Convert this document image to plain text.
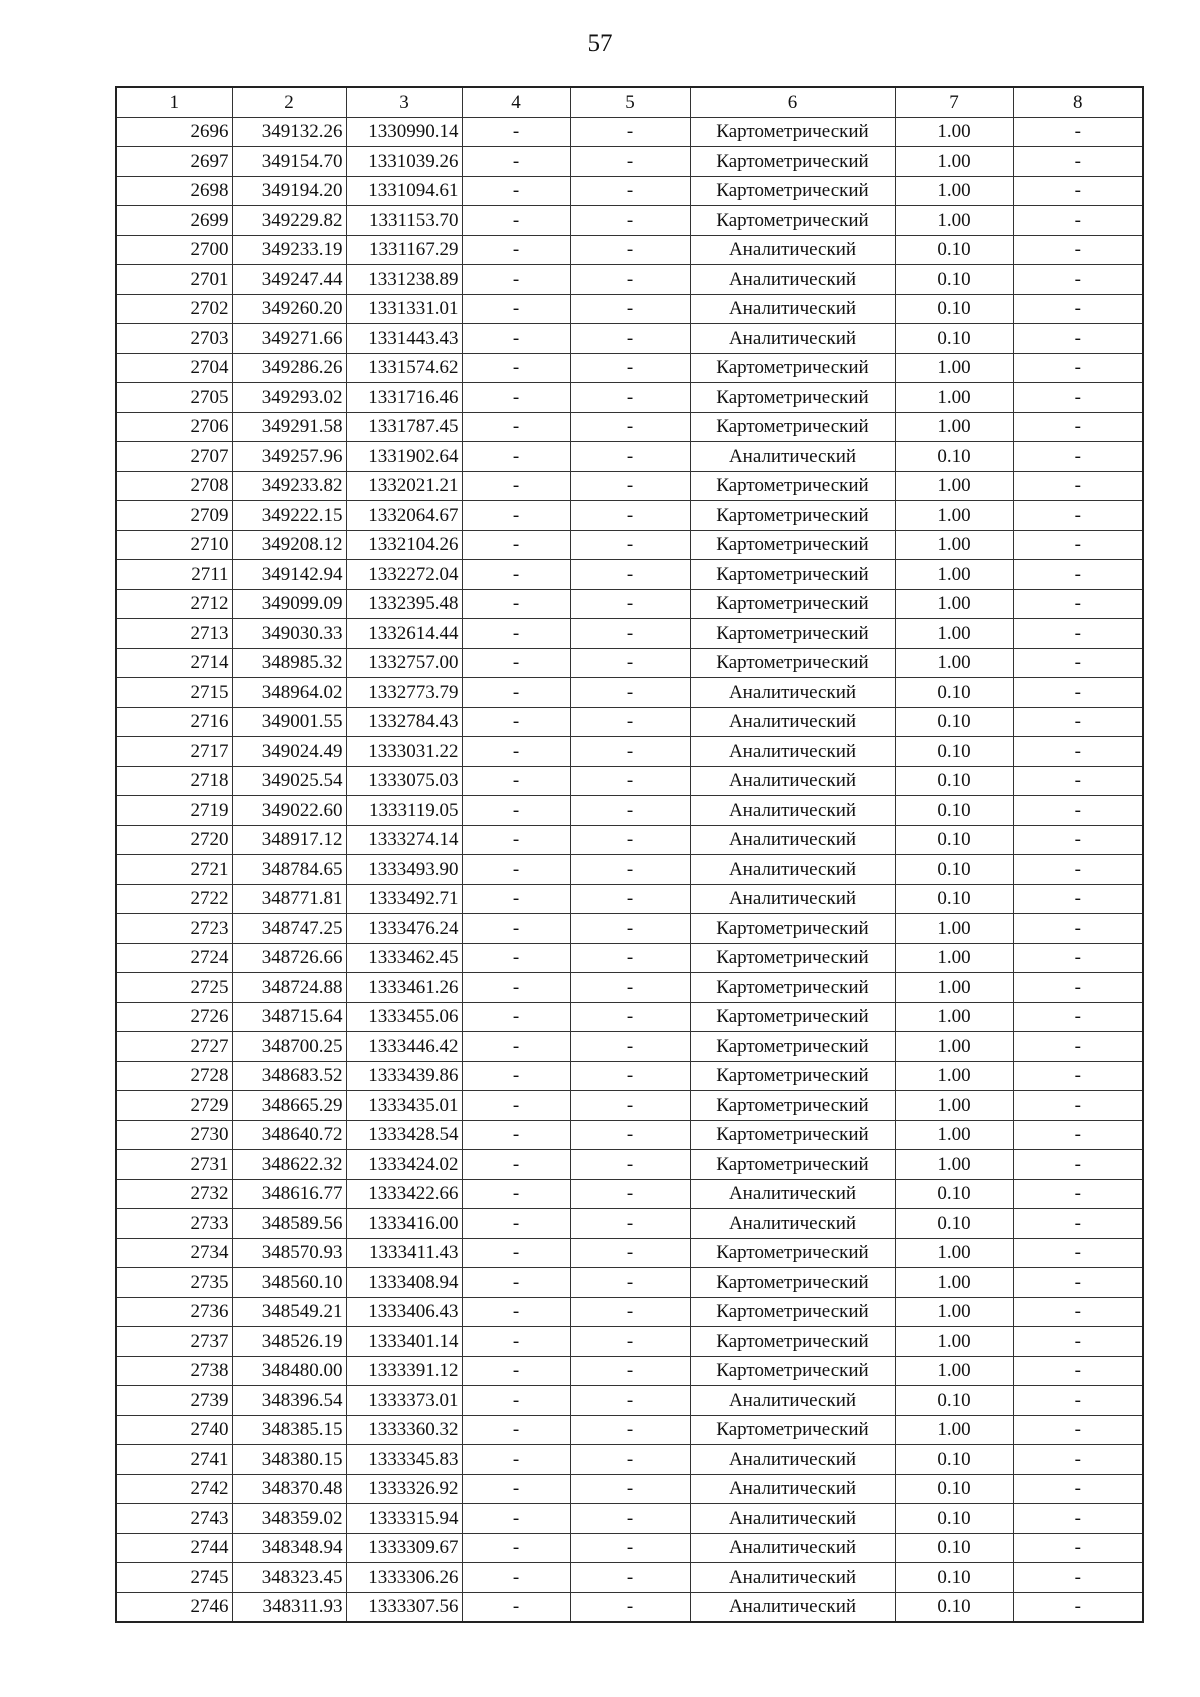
57
1	2	3	4	5	6	7	8
2696	349132.26	1330990.14	-	-	Картометрический	1.00	-
2697	349154.70	1331039.26	-	-	Картометрический	1.00	-
2698	349194.20	1331094.61	-	-	Картометрический	1.00	-
2699	349229.82	1331153.70	-	-	Картометрический	1.00	-
2700	349233.19	1331167.29	-	-	Аналитический	0.10	-
2701	349247.44	1331238.89	-	-	Аналитический	0.10	-
2702	349260.20	1331331.01	-	-	Аналитический	0.10	-
2703	349271.66	1331443.43	-	-	Аналитический	0.10	-
2704	349286.26	1331574.62	-	-	Картометрический	1.00	-
2705	349293.02	1331716.46	-	-	Картометрический	1.00	-
2706	349291.58	1331787.45	-	-	Картометрический	1.00	-
2707	349257.96	1331902.64	-	-	Аналитический	0.10	-
2708	349233.82	1332021.21	-	-	Картометрический	1.00	-
2709	349222.15	1332064.67	-	-	Картометрический	1.00	-
2710	349208.12	1332104.26	-	-	Картометрический	1.00	-
2711	349142.94	1332272.04	-	-	Картометрический	1.00	-
2712	349099.09	1332395.48	-	-	Картометрический	1.00	-
2713	349030.33	1332614.44	-	-	Картометрический	1.00	-
2714	348985.32	1332757.00	-	-	Картометрический	1.00	-
2715	348964.02	1332773.79	-	-	Аналитический	0.10	-
2716	349001.55	1332784.43	-	-	Аналитический	0.10	-
2717	349024.49	1333031.22	-	-	Аналитический	0.10	-
2718	349025.54	1333075.03	-	-	Аналитический	0.10	-
2719	349022.60	1333119.05	-	-	Аналитический	0.10	-
2720	348917.12	1333274.14	-	-	Аналитический	0.10	-
2721	348784.65	1333493.90	-	-	Аналитический	0.10	-
2722	348771.81	1333492.71	-	-	Аналитический	0.10	-
2723	348747.25	1333476.24	-	-	Картометрический	1.00	-
2724	348726.66	1333462.45	-	-	Картометрический	1.00	-
2725	348724.88	1333461.26	-	-	Картометрический	1.00	-
2726	348715.64	1333455.06	-	-	Картометрический	1.00	-
2727	348700.25	1333446.42	-	-	Картометрический	1.00	-
2728	348683.52	1333439.86	-	-	Картометрический	1.00	-
2729	348665.29	1333435.01	-	-	Картометрический	1.00	-
2730	348640.72	1333428.54	-	-	Картометрический	1.00	-
2731	348622.32	1333424.02	-	-	Картометрический	1.00	-
2732	348616.77	1333422.66	-	-	Аналитический	0.10	-
2733	348589.56	1333416.00	-	-	Аналитический	0.10	-
2734	348570.93	1333411.43	-	-	Картометрический	1.00	-
2735	348560.10	1333408.94	-	-	Картометрический	1.00	-
2736	348549.21	1333406.43	-	-	Картометрический	1.00	-
2737	348526.19	1333401.14	-	-	Картометрический	1.00	-
2738	348480.00	1333391.12	-	-	Картометрический	1.00	-
2739	348396.54	1333373.01	-	-	Аналитический	0.10	-
2740	348385.15	1333360.32	-	-	Картометрический	1.00	-
2741	348380.15	1333345.83	-	-	Аналитический	0.10	-
2742	348370.48	1333326.92	-	-	Аналитический	0.10	-
2743	348359.02	1333315.94	-	-	Аналитический	0.10	-
2744	348348.94	1333309.67	-	-	Аналитический	0.10	-
2745	348323.45	1333306.26	-	-	Аналитический	0.10	-
2746	348311.93	1333307.56	-	-	Аналитический	0.10	-
